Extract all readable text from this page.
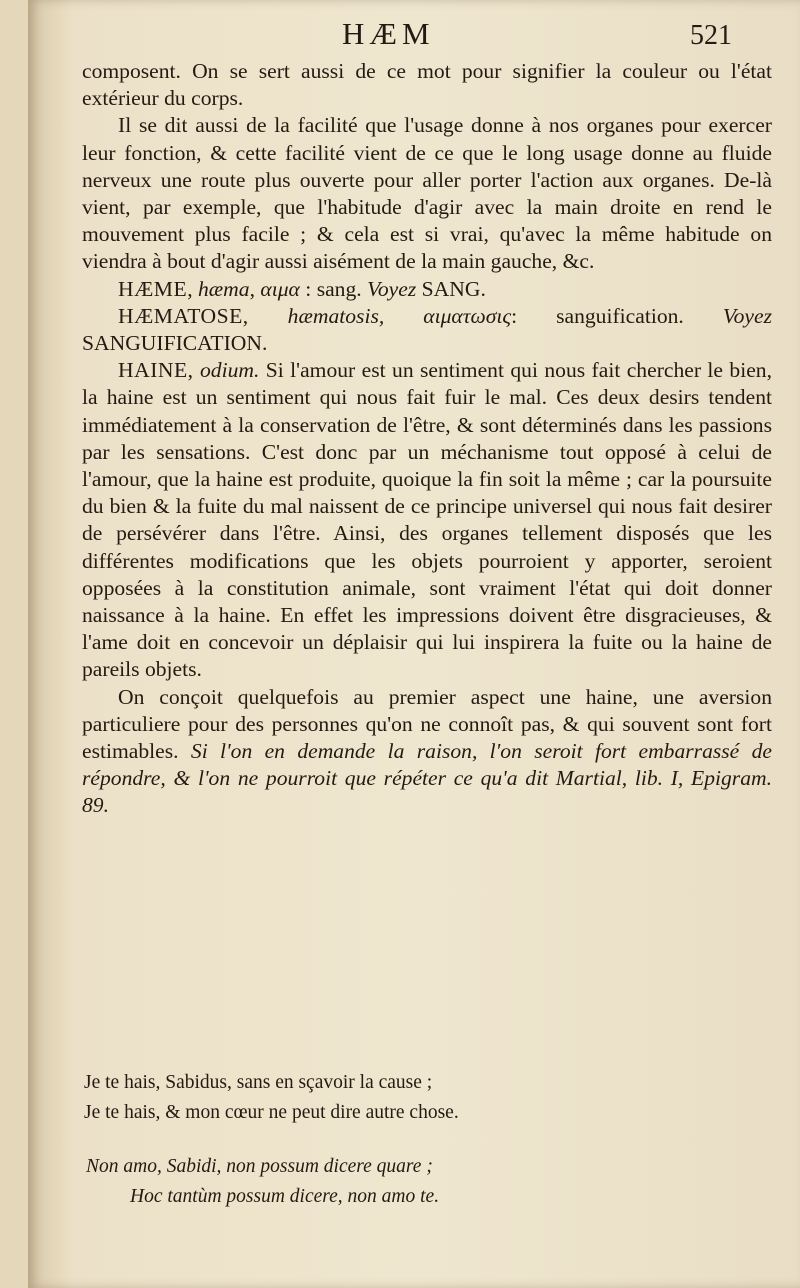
HÆM	521

composent. On se sert aussi de ce mot pour signifier la couleur ou l'état extérieur du corps.

Il se dit aussi de la facilité que l'usage donne à nos organes pour exercer leur fonction, & cette facilité vient de ce que le long usage donne au fluide nerveux une route plus ouverte pour aller porter l'action aux organes. De-là vient, par exemple, que l'habitude d'agir avec la main droite en rend le mouvement plus facile ; & cela est si vrai, qu'avec la même habitude on viendra à bout d'agir aussi aisément de la main gauche, &c.

HÆME, hæma, αιμα : sang. Voyez SANG.

HÆMATOSE, hæmatosis, αιματωσις: sanguification. Voyez SANGUIFICATION.

HAINE, odium. Si l'amour est un sentiment qui nous fait chercher le bien, la haine est un sentiment qui nous fait fuir le mal. Ces deux desirs tendent immédiatement à la conservation de l'être, & sont déterminés dans les passions par les sensations. C'est donc par un méchanisme tout opposé à celui de l'amour, que la haine est produite, quoique la fin soit la même ; car la poursuite du bien & la fuite du mal naissent de ce principe universel qui nous fait desirer de persévérer dans l'être. Ainsi, des organes tellement disposés que les différentes modifications que les objets pourroient y apporter, seroient opposées à la constitution animale, sont vraiment l'état qui doit donner naissance à la haine. En effet les impressions doivent être disgracieuses, & l'ame doit en concevoir un déplaisir qui lui inspirera la fuite ou la haine de pareils objets.

On conçoit quelquefois au premier aspect une haine, une aversion particuliere pour des personnes qu'on ne connoît pas, & qui souvent sont fort estimables. Si l'on en demande la raison, l'on seroit fort embarrassé de répondre, & l'on ne pourroit que répéter ce qu'a dit Martial, lib. I, Epigram. 89.

Je te hais, Sabidus, sans en sçavoir la cause ;
Je te hais, & mon cœur ne peut dire autre chose.
Non amo, Sabidi, non possum dicere quare ;
Hoc tantùm possum dicere, non amo te.
